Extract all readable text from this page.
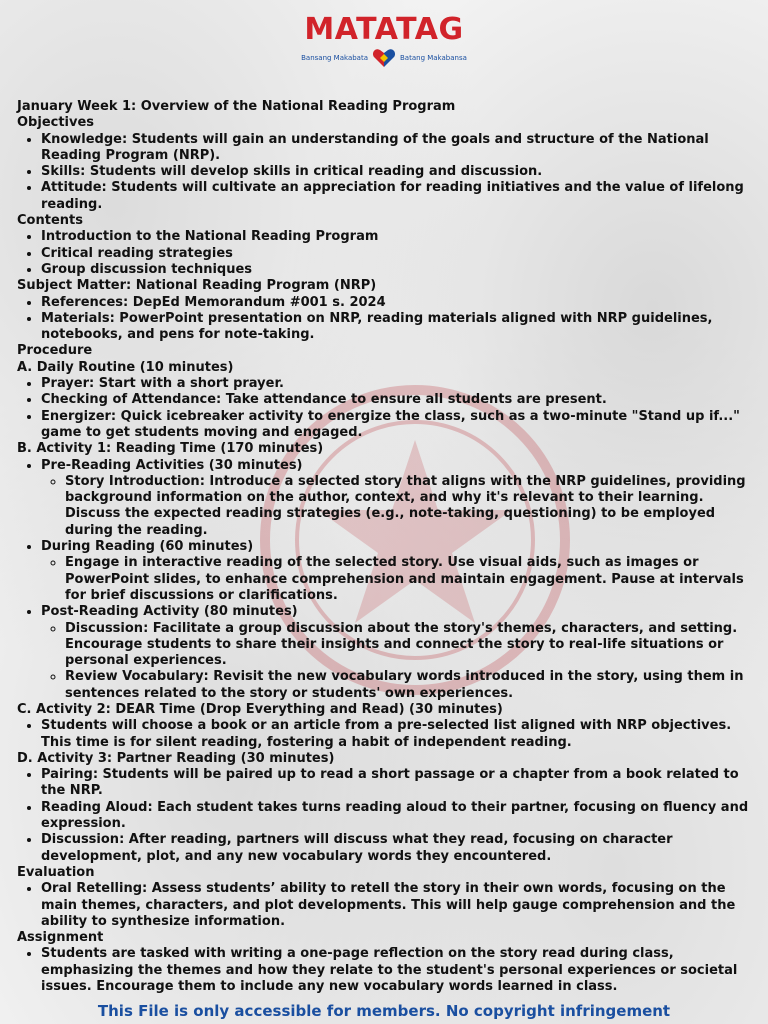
MATATAG
Bansang Makabata	Batang Makabansa

January Week 1: Overview of the National Reading Program

Objectives

• Knowledge: Students will gain an understanding of the goals and structure of the National Reading Program (NRP).
• Skills: Students will develop skills in critical reading and discussion.
• Attitude: Students will cultivate an appreciation for reading initiatives and the value of lifelong reading.

Contents

• Introduction to the National Reading Program
• Critical reading strategies
• Group discussion techniques

Subject Matter: National Reading Program (NRP)

• References: DepEd Memorandum #001 s. 2024
• Materials: PowerPoint presentation on NRP, reading materials aligned with NRP guidelines, notebooks, and pens for note-taking.

Procedure

A. Daily Routine (10 minutes)

• Prayer: Start with a short prayer.
• Checking of Attendance: Take attendance to ensure all students are present.
• Energizer: Quick icebreaker activity to energize the class, such as a two-minute "Stand up if..." game to get students moving and engaged.

B. Activity 1: Reading Time (170 minutes)

• Pre-Reading Activities (30 minutes)
◦ Story Introduction: Introduce a selected story that aligns with the NRP guidelines, providing background information on the author, context, and why it's relevant to their learning. Discuss the expected reading strategies (e.g., note-taking, questioning) to be employed during the reading.
• During Reading (60 minutes)
◦ Engage in interactive reading of the selected story. Use visual aids, such as images or PowerPoint slides, to enhance comprehension and maintain engagement. Pause at intervals for brief discussions or clarifications.
• Post-Reading Activity (80 minutes)
◦ Discussion: Facilitate a group discussion about the story's themes, characters, and setting. Encourage students to share their insights and connect the story to real-life situations or personal experiences.
◦ Review Vocabulary: Revisit the new vocabulary words introduced in the story, using them in sentences related to the story or students' own experiences.

C. Activity 2: DEAR Time (Drop Everything and Read) (30 minutes)

• Students will choose a book or an article from a pre-selected list aligned with NRP objectives. This time is for silent reading, fostering a habit of independent reading.

D. Activity 3: Partner Reading (30 minutes)

• Pairing: Students will be paired up to read a short passage or a chapter from a book related to the NRP.
• Reading Aloud: Each student takes turns reading aloud to their partner, focusing on fluency and expression.
• Discussion: After reading, partners will discuss what they read, focusing on character development, plot, and any new vocabulary words they encountered.

Evaluation

• Oral Retelling: Assess students’ ability to retell the story in their own words, focusing on the main themes, characters, and plot developments. This will help gauge comprehension and the ability to synthesize information.

Assignment

• Students are tasked with writing a one-page reflection on the story read during class, emphasizing the themes and how they relate to the student's personal experiences or societal issues. Encourage them to include any new vocabulary words learned in class.
This File is only accessible for members. No copyright infringement
